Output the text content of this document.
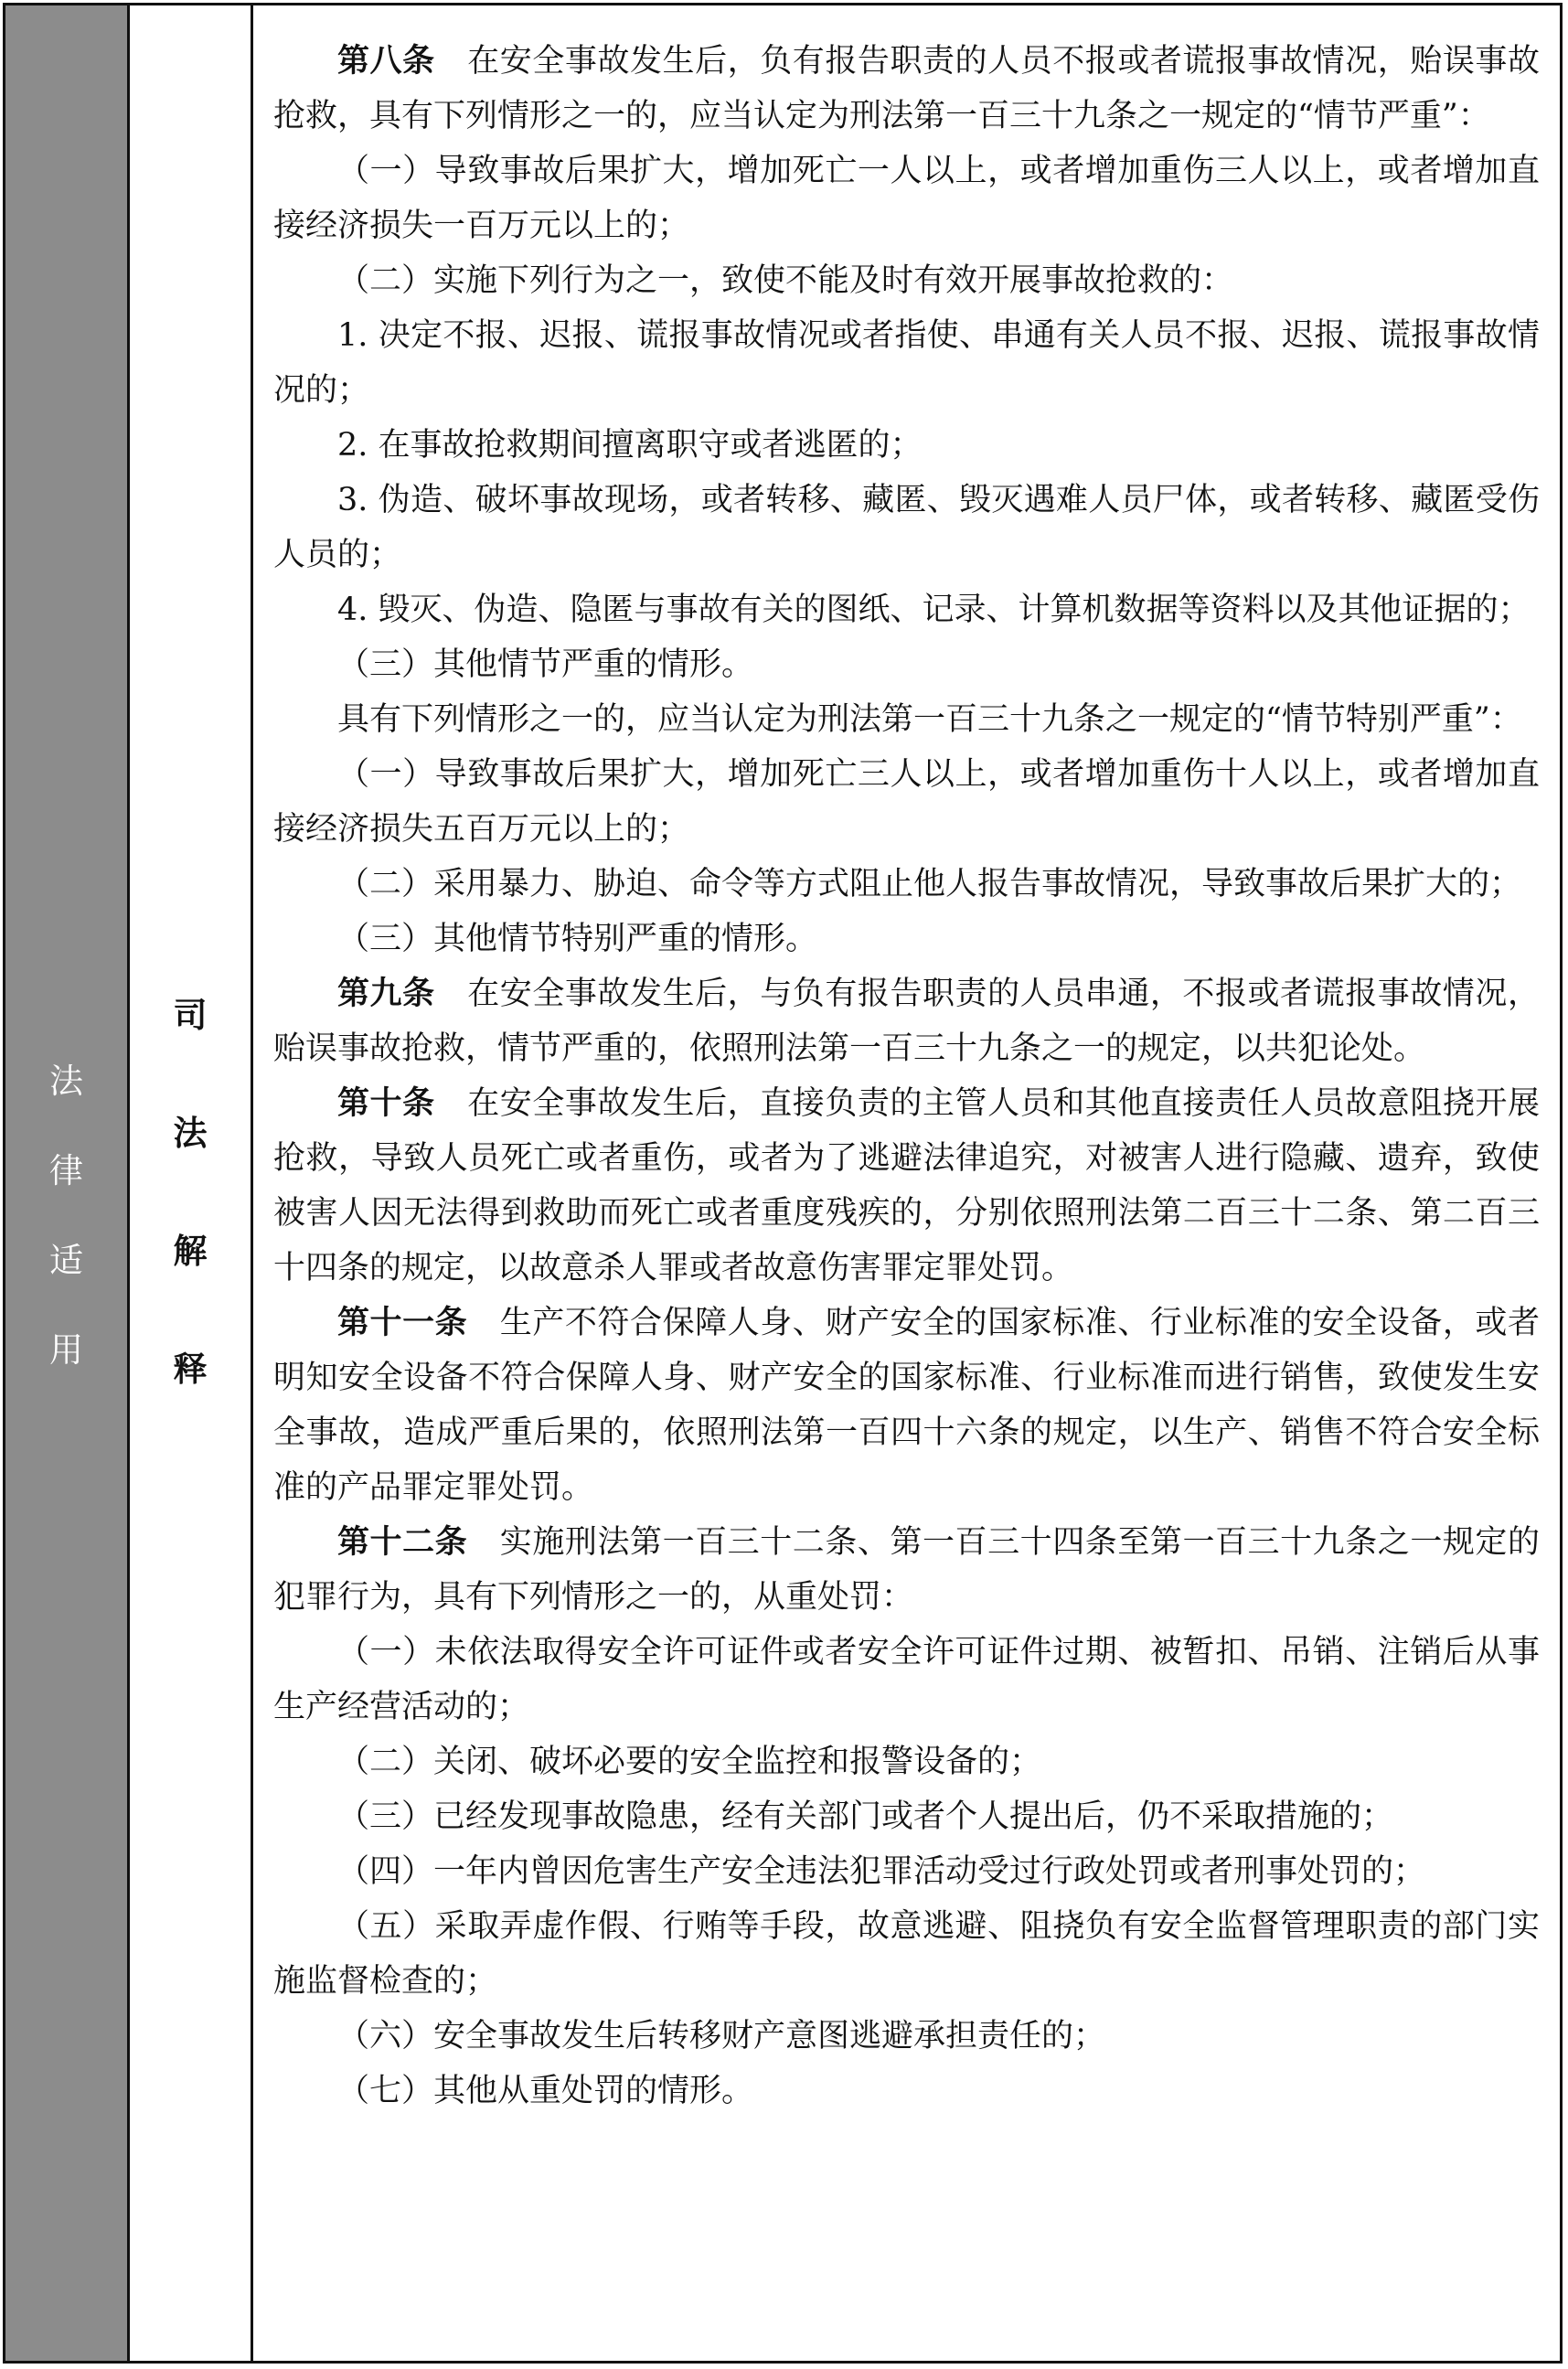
法
律
适
用
司
法
解
释

第八条 在安全事故发生后，负有报告职责的人员不报或者谎报事故情况，贻误事故抢救，具有下列情形之一的，应当认定为刑法第一百三十九条之一规定的“情节严重”：

（一）导致事故后果扩大，增加死亡一人以上，或者增加重伤三人以上，或者增加直接经济损失一百万元以上的；

（二）实施下列行为之一，致使不能及时有效开展事故抢救的：

1. 决定不报、迟报、谎报事故情况或者指使、串通有关人员不报、迟报、谎报事故情况的；

2. 在事故抢救期间擅离职守或者逃匿的；

3. 伪造、破坏事故现场，或者转移、藏匿、毁灭遇难人员尸体，或者转移、藏匿受伤人员的；

4. 毁灭、伪造、隐匿与事故有关的图纸、记录、计算机数据等资料以及其他证据的；

（三）其他情节严重的情形。

具有下列情形之一的，应当认定为刑法第一百三十九条之一规定的“情节特别严重”：

（一）导致事故后果扩大，增加死亡三人以上，或者增加重伤十人以上，或者增加直接经济损失五百万元以上的；

（二）采用暴力、胁迫、命令等方式阻止他人报告事故情况，导致事故后果扩大的；

（三）其他情节特别严重的情形。

第九条 在安全事故发生后，与负有报告职责的人员串通，不报或者谎报事故情况，贻误事故抢救，情节严重的，依照刑法第一百三十九条之一的规定，以共犯论处。

第十条 在安全事故发生后，直接负责的主管人员和其他直接责任人员故意阻挠开展抢救，导致人员死亡或者重伤，或者为了逃避法律追究，对被害人进行隐藏、遗弃，致使被害人因无法得到救助而死亡或者重度残疾的，分别依照刑法第二百三十二条、第二百三十四条的规定，以故意杀人罪或者故意伤害罪定罪处罚。

第十一条 生产不符合保障人身、财产安全的国家标准、行业标准的安全设备，或者明知安全设备不符合保障人身、财产安全的国家标准、行业标准而进行销售，致使发生安全事故，造成严重后果的，依照刑法第一百四十六条的规定，以生产、销售不符合安全标准的产品罪定罪处罚。

第十二条 实施刑法第一百三十二条、第一百三十四条至第一百三十九条之一规定的犯罪行为，具有下列情形之一的，从重处罚：

（一）未依法取得安全许可证件或者安全许可证件过期、被暂扣、吊销、注销后从事生产经营活动的；

（二）关闭、破坏必要的安全监控和报警设备的；

（三）已经发现事故隐患，经有关部门或者个人提出后，仍不采取措施的；

（四）一年内曾因危害生产安全违法犯罪活动受过行政处罚或者刑事处罚的；

（五）采取弄虚作假、行贿等手段，故意逃避、阻挠负有安全监督管理职责的部门实施监督检查的；

（六）安全事故发生后转移财产意图逃避承担责任的；

（七）其他从重处罚的情形。
